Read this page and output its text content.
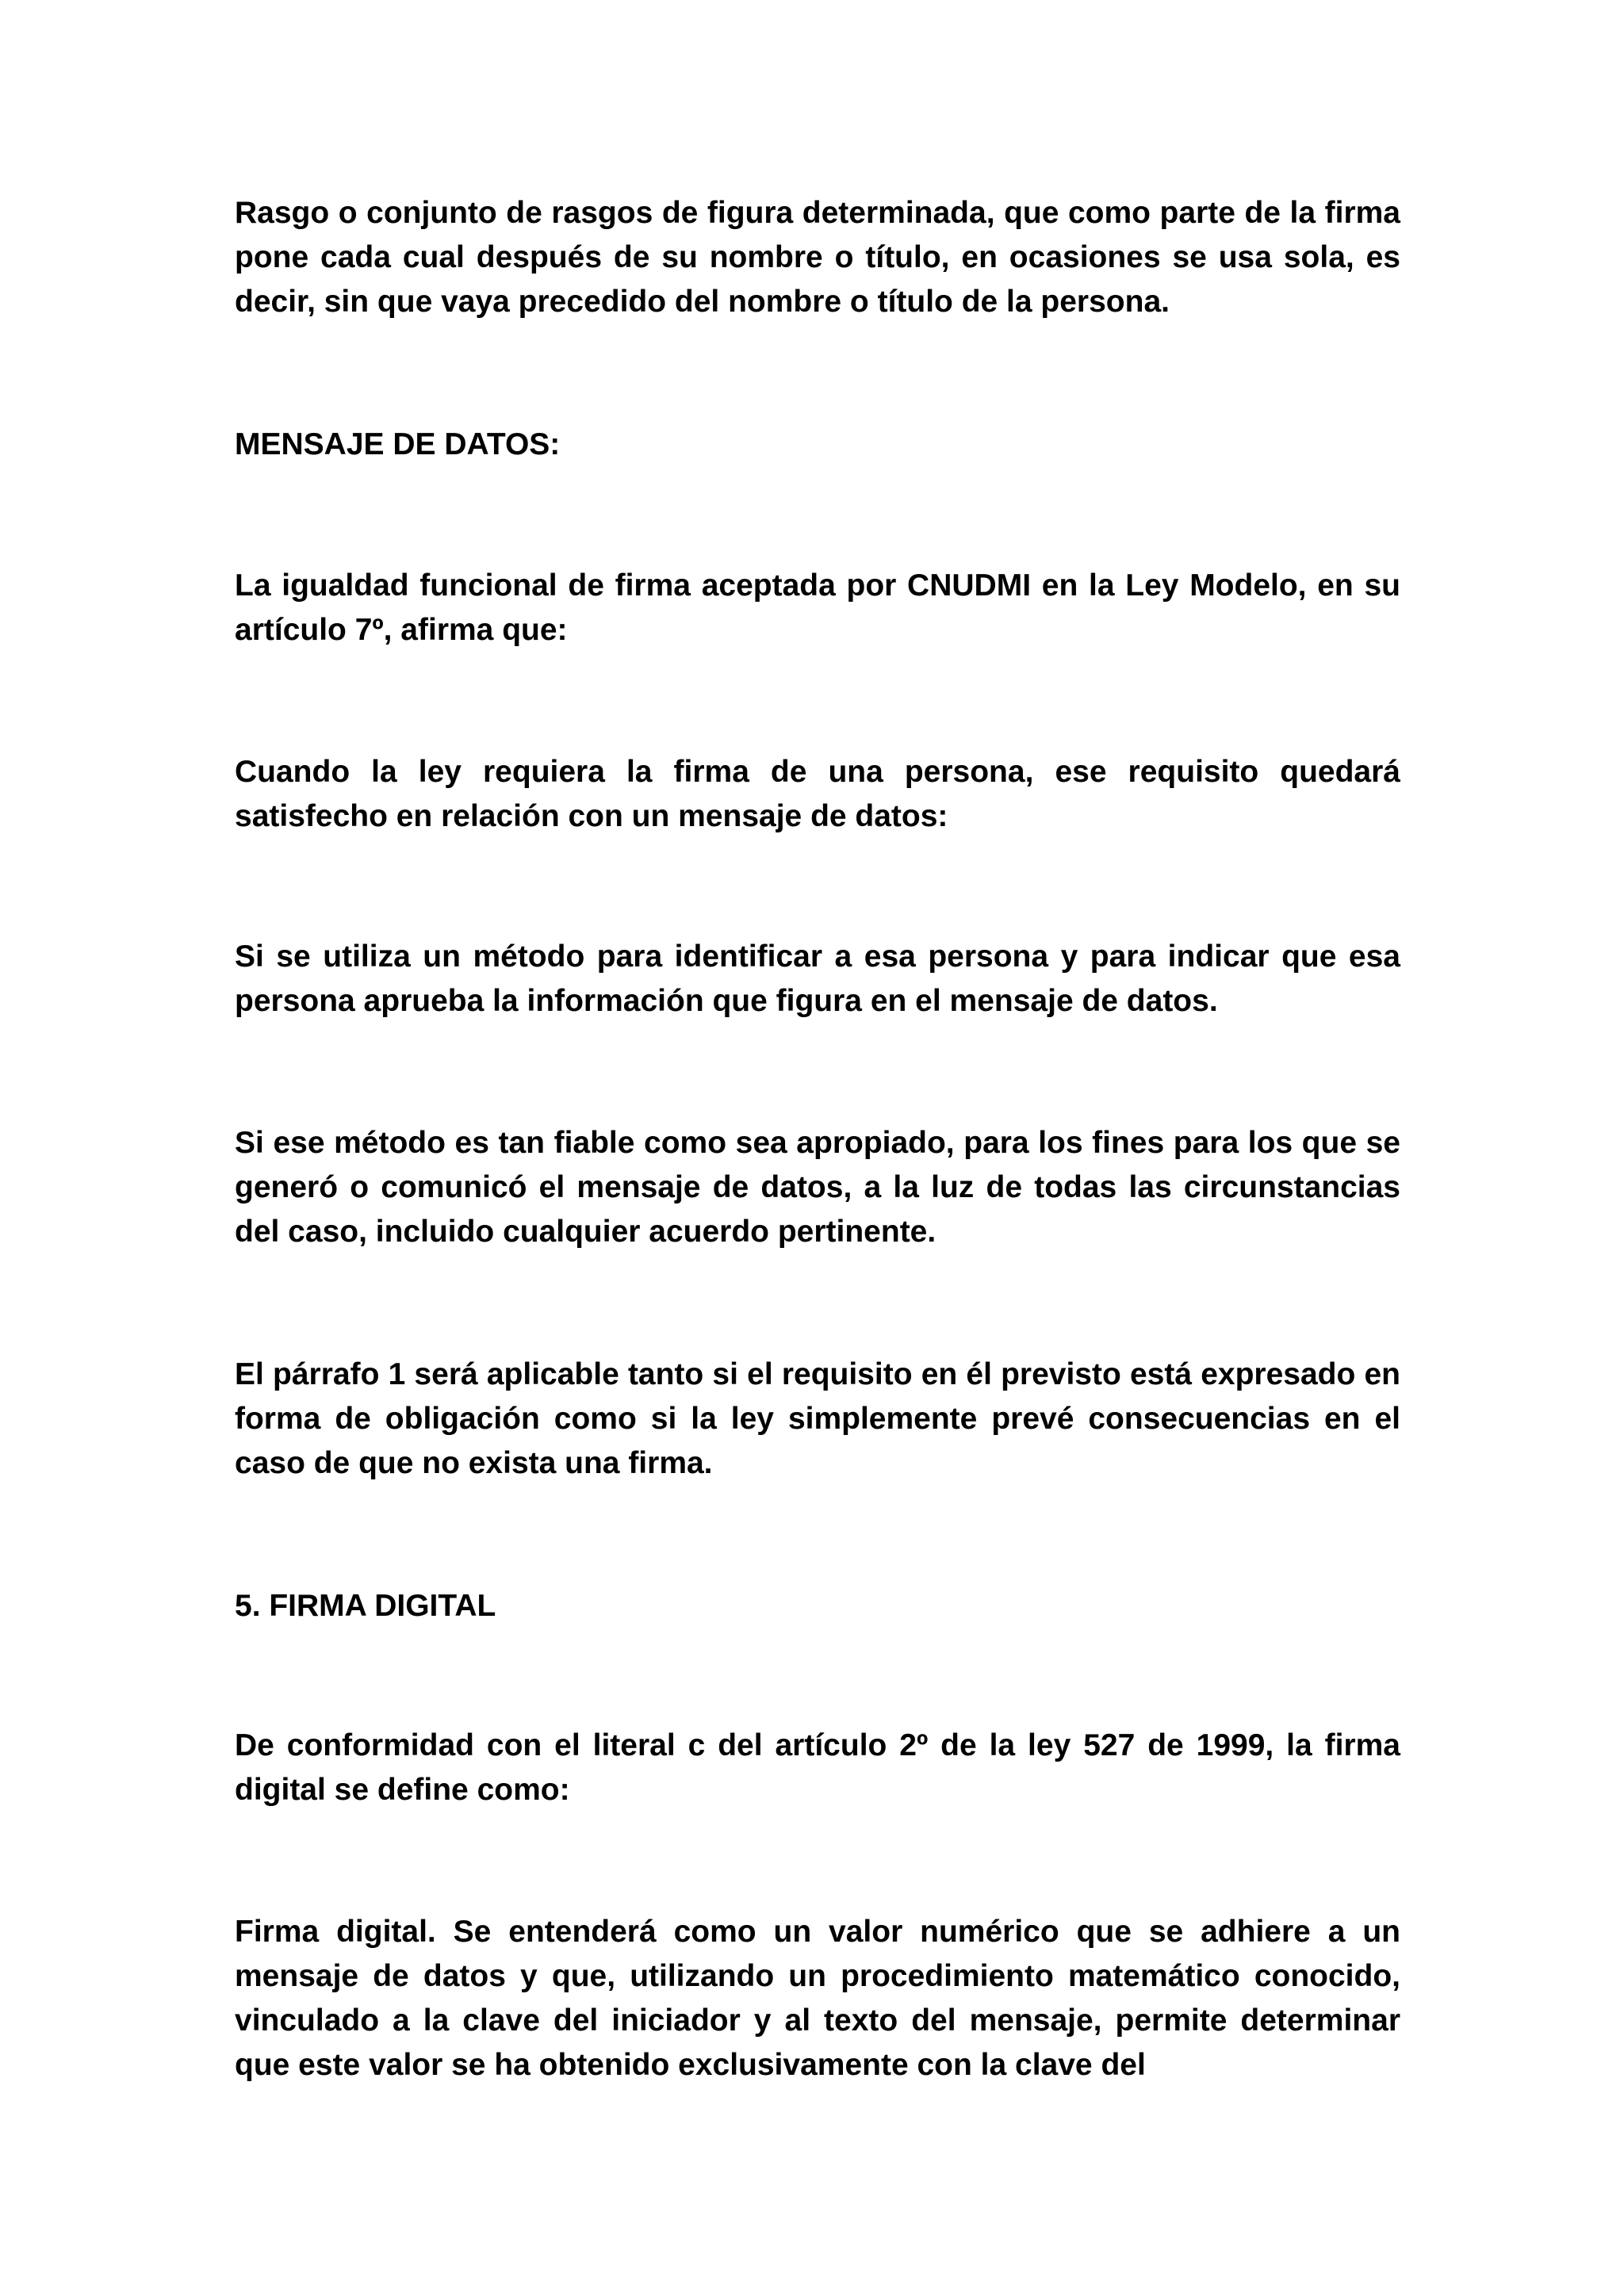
Rasgo o conjunto de rasgos de figura determinada, que como parte de la firma pone cada cual después de su nombre o título, en ocasiones se usa sola, es decir, sin que vaya precedido del nombre o título de la persona.

MENSAJE DE DATOS:

La igualdad funcional de firma aceptada por CNUDMI en la Ley Modelo, en su artículo 7º, afirma que:

Cuando la ley requiera la firma de una persona, ese requisito quedará satisfecho en relación con un mensaje de datos:

Si se utiliza un método para identificar a esa persona y para indicar que esa persona aprueba la información que figura en el mensaje de datos.

Si ese método es tan fiable como sea apropiado, para los fines para los que se generó o comunicó el mensaje de datos, a la luz de todas las circunstancias del caso, incluido cualquier acuerdo pertinente.

El párrafo 1 será aplicable tanto si el requisito en él previsto está expresado en forma de obligación como si la ley simplemente prevé consecuencias en el caso de que no exista una firma.

5. FIRMA DIGITAL

De conformidad con el literal c del artículo 2º de la ley 527 de 1999, la firma digital se define como:

Firma digital. Se entenderá como un valor numérico que se adhiere a un mensaje de datos y que, utilizando un procedimiento matemático conocido, vinculado a la clave del iniciador y al texto del mensaje, permite determinar que este valor se ha obtenido exclusivamente con la clave del
